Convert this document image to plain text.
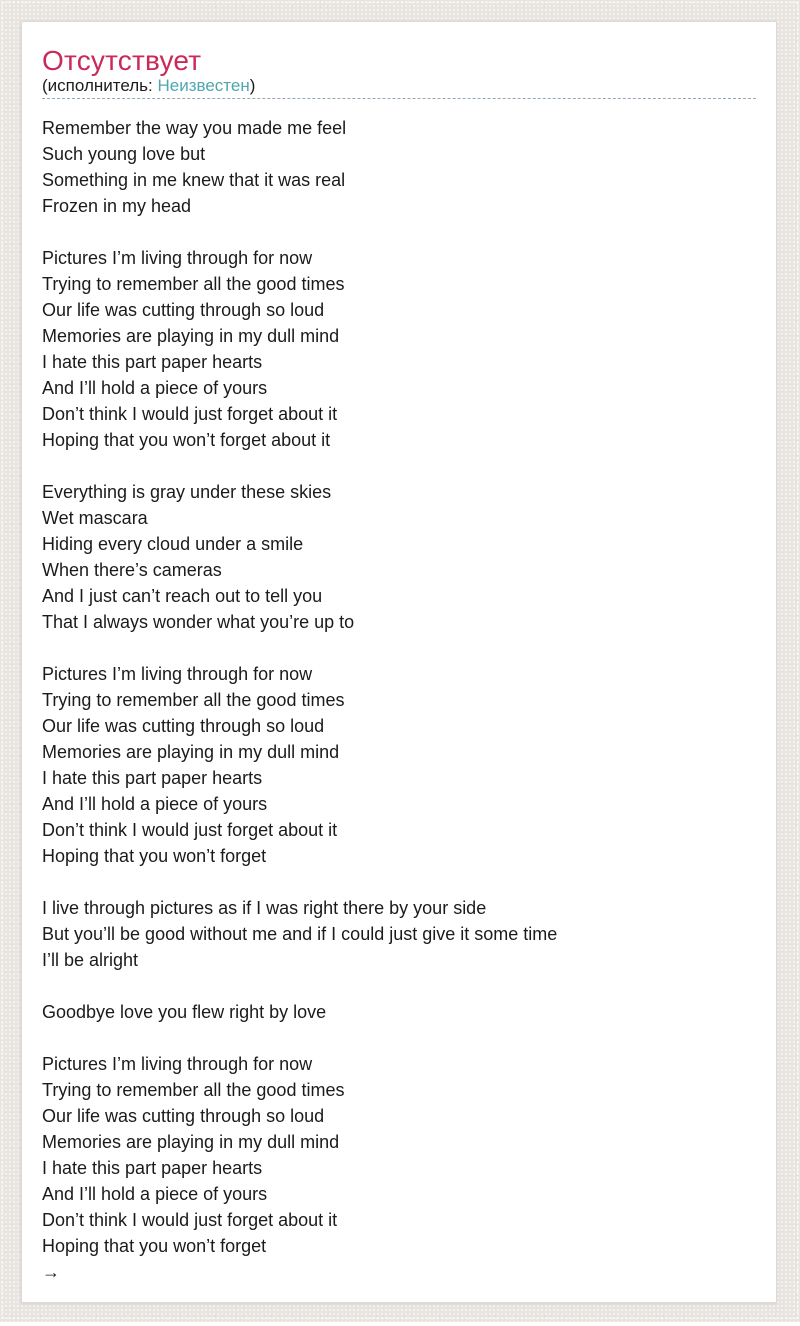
Отсутствует
(исполнитель: Неизвестен)
Remember the way you made me feel
Such young love but
Something in me knew that it was real
Frozen in my head
Pictures I’m living through for now
Trying to remember all the good times
Our life was cutting through so loud
Memories are playing in my dull mind
I hate this part paper hearts
And I’ll hold a piece of yours
Don’t think I would just forget about it
Hoping that you won’t forget about it
Everything is gray under these skies
Wet mascara
Hiding every cloud under a smile
When there’s cameras
And I just can’t reach out to tell you
That I always wonder what you’re up to
Pictures I’m living through for now
Trying to remember all the good times
Our life was cutting through so loud
Memories are playing in my dull mind
I hate this part paper hearts
And I’ll hold a piece of yours
Don’t think I would just forget about it
Hoping that you won’t forget
I live through pictures as if I was right there by your side
But you’ll be good without me and if I could just give it some time
I’ll be alright
Goodbye love you flew right by love
Pictures I’m living through for now
Trying to remember all the good times
Our life was cutting through so loud
Memories are playing in my dull mind
I hate this part paper hearts
And I’ll hold a piece of yours
Don’t think I would just forget about it
Hoping that you won’t forget
→
